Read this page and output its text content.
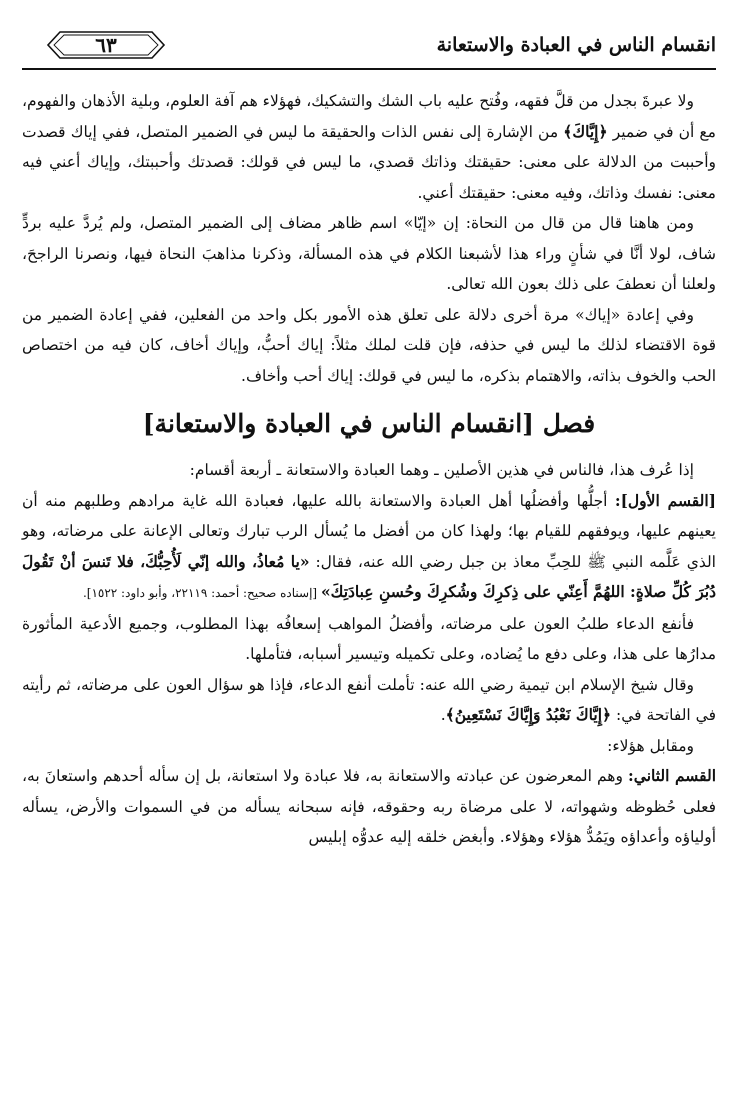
انقسام الناس في العبادة والاستعانة
٦٣

ولا عبرةَ بجدل من قلَّ فقهه، وفُتح عليه باب الشك والتشكيك، فهؤلاء هم آفة العلوم، وبلية الأذهان والفهوم، مع أن في ضمير ﴿إِيَّاكَ﴾ من الإشارة إلى نفس الذات والحقيقة ما ليس في الضمير المتصل، ففي إياك قصدت وأحببت من الدلالة على معنى: حقيقتك وذاتك قصدي، ما ليس في قولك: قصدتك وأحببتك، وإياك أعني فيه معنى: نفسك وذاتك، وفيه معنى: حقيقتك أعني.

ومن هاهنا قال من قال من النحاة: إن «إيّا» اسم ظاهر مضاف إلى الضمير المتصل، ولم يُردَّ عليه بردٍّ شاف، لولا أنَّا في شأنٍ وراء هذا لأشبعنا الكلام في هذه المسألة، وذكرنا مذاهبَ النحاة فيها، ونصرنا الراجحَ، ولعلنا أن نعطفَ على ذلك بعون الله تعالى.

وفي إعادة «إياك» مرة أخرى دلالة على تعلق هذه الأمور بكل واحد من الفعلين، ففي إعادة الضمير من قوة الاقتضاء لذلك ما ليس في حذفه، فإن قلت لملك مثلاً: إياك أحبُّ، وإياك أخاف، كان فيه من اختصاص الحب والخوف بذاته، والاهتمام بذكره، ما ليس في قولك: إياك أحب وأخاف.

فصل [انقسام الناس في العبادة والاستعانة]

إذا عُرف هذا، فالناس في هذين الأصلين ـ وهما العبادة والاستعانة ـ أربعة أقسام:

[القسم الأول]: أجلُّها وأفضلُها أهل العبادة والاستعانة بالله عليها، فعبادة الله غاية مرادهم وطلبهم منه أن يعينهم عليها، ويوفقهم للقيام بها؛ ولهذا كان من أفضل ما يُسأل الرب تبارك وتعالى الإعانة على مرضاته، وهو الذي عَلَّمه النبي ﷺ للحِبِّ معاذ بن جبل رضي الله عنه، فقال: «يا مُعاذُ، والله إنّي لَأُحِبُّكَ، فلا تَنسَ أنْ تَقُولَ دُبُرَ كُلِّ صلاةٍ: اللهُمَّ أَعِنّي على ذِكرِكَ وشُكرِكَ وحُسنِ عِبادَتِكَ» [إسناده صحيح: أحمد: ٢٢١١٩، وأبو داود: ١٥٢٢].

فأنفع الدعاء طلبُ العون على مرضاته، وأفضلُ المواهب إسعافُه بهذا المطلوب، وجميع الأدعية المأثورة مدارُها على هذا، وعلى دفع ما يُضاده، وعلى تكميله وتيسير أسبابه، فتأملها.

وقال شيخ الإسلام ابن تيمية رضي الله عنه: تأملت أنفع الدعاء، فإذا هو سؤال العون على مرضاته، ثم رأيته في الفاتحة في: ﴿إِيَّاكَ نَعْبُدُ وَإِيَّاكَ نَسْتَعِينُ﴾.

ومقابل هؤلاء:

القسم الثاني: وهم المعرضون عن عبادته والاستعانة به، فلا عبادة ولا استعانة، بل إن سأله أحدهم واستعانَ به، فعلى حُظوظه وشهواته، لا على مرضاة ربه وحقوقه، فإنه سبحانه يسأله من في السموات والأرض، يسأله أولياؤه وأعداؤه ويَمُدُّ هؤلاء وهؤلاء. وأبغض خلقه إليه عدوُّه إبليس
